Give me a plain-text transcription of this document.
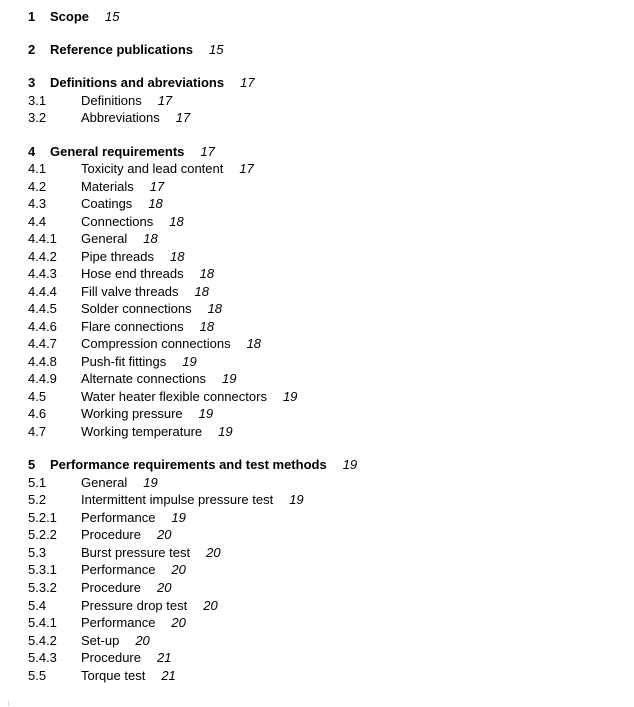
1 Scope 15
2 Reference publications 15
3 Definitions and abreviations 17
3.1	Definitions 17
3.2	Abbreviations 17
4 General requirements 17
4.1	Toxicity and lead content 17
4.2	Materials 17
4.3	Coatings 18
4.4	Connections 18
4.4.1 General 18
4.4.2 Pipe threads 18
4.4.3 Hose end threads 18
4.4.4 Fill valve threads 18
4.4.5 Solder connections 18
4.4.6 Flare connections 18
4.4.7 Compression connections 18
4.4.8 Push-fit fittings 19
4.4.9 Alternate connections 19
4.5	Water heater flexible connectors 19
4.6	Working pressure 19
4.7	Working temperature 19
5 Performance requirements and test methods 19
5.1	General 19
5.2	Intermittent impulse pressure test 19
5.2.1 Performance 19
5.2.2 Procedure 20
5.3	Burst pressure test 20
5.3.1 Performance 20
5.3.2 Procedure 20
5.4	Pressure drop test 20
5.4.1 Performance 20
5.4.2 Set-up 20
5.4.3 Procedure 21
5.5	Torque test 21
